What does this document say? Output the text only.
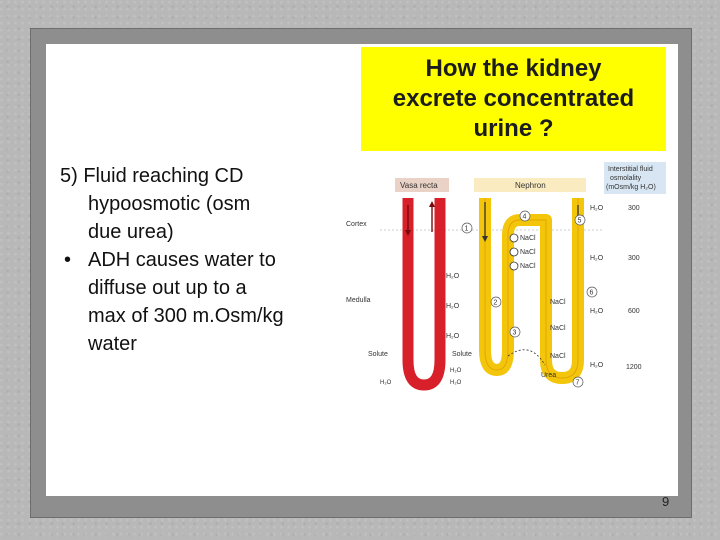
How the kidney
excrete concentrated
urine ?
5) Fluid reaching CD
hypoosmotic (osm
due urea)
• ADH causes water to
diffuse out up to a
max of 300 m.Osm/kg
water
Vasa recta	Nephron
Interstitial fluid
osmolality
(mOsm/kg H₂O)
Cortex
Medulla
H₂O
H₂O
H₂O
Solute	Solute
H₂O
H₂O
H₂O
NaCl
NaCl
NaCl
NaCl
NaCl
NaCl
Urea
H₂O
H₂O
H₂O
H₂O
300
300
600
1200
1
2
3
4
5
6
7
9
